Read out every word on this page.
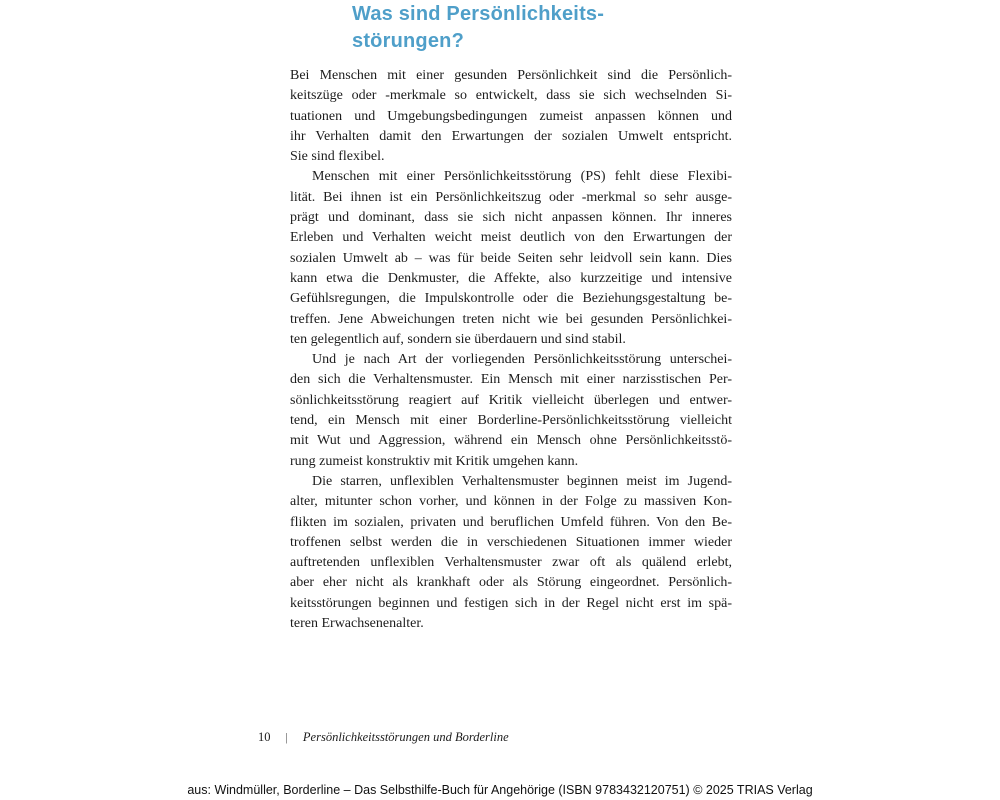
Was sind Persönlichkeits-
störungen?
Bei Menschen mit einer gesunden Persönlichkeit sind die Persönlich-
keitszüge oder -merkmale so entwickelt, dass sie sich wechselnden Si-
tuationen und Umgebungsbedingungen zumeist anpassen können und
ihr Verhalten damit den Erwartungen der sozialen Umwelt entspricht.
Sie sind flexibel.
Menschen mit einer Persönlichkeitsstörung (PS) fehlt diese Flexibi-
lität. Bei ihnen ist ein Persönlichkeitszug oder -merkmal so sehr ausge-
prägt und dominant, dass sie sich nicht anpassen können. Ihr inneres
Erleben und Verhalten weicht meist deutlich von den Erwartungen der
sozialen Umwelt ab – was für beide Seiten sehr leidvoll sein kann. Dies
kann etwa die Denkmuster, die Affekte, also kurzzeitige und intensive
Gefühlsregungen, die Impulskontrolle oder die Beziehungsgestaltung be-
treffen. Jene Abweichungen treten nicht wie bei gesunden Persönlichkei-
ten gelegentlich auf, sondern sie überdauern und sind stabil.
Und je nach Art der vorliegenden Persönlichkeitsstörung unterschei-
den sich die Verhaltensmuster. Ein Mensch mit einer narzisstischen Per-
sönlichkeitsstörung reagiert auf Kritik vielleicht überlegen und entwer-
tend, ein Mensch mit einer Borderline-Persönlichkeitsstörung vielleicht
mit Wut und Aggression, während ein Mensch ohne Persönlichkeitsstö-
rung zumeist konstruktiv mit Kritik umgehen kann.
Die starren, unflexiblen Verhaltensmuster beginnen meist im Jugend-
alter, mitunter schon vorher, und können in der Folge zu massiven Kon-
flikten im sozialen, privaten und beruflichen Umfeld führen. Von den Be-
troffenen selbst werden die in verschiedenen Situationen immer wieder
auftretenden unflexiblen Verhaltensmuster zwar oft als quälend erlebt,
aber eher nicht als krankhaft oder als Störung eingeordnet. Persönlich-
keitsstörungen beginnen und festigen sich in der Regel nicht erst im spä-
teren Erwachsenenalter.
10 | Persönlichkeitsstörungen und Borderline
aus: Windmüller, Borderline – Das Selbsthilfe-Buch für Angehörige (ISBN 9783432120751) © 2025 TRIAS Verlag
